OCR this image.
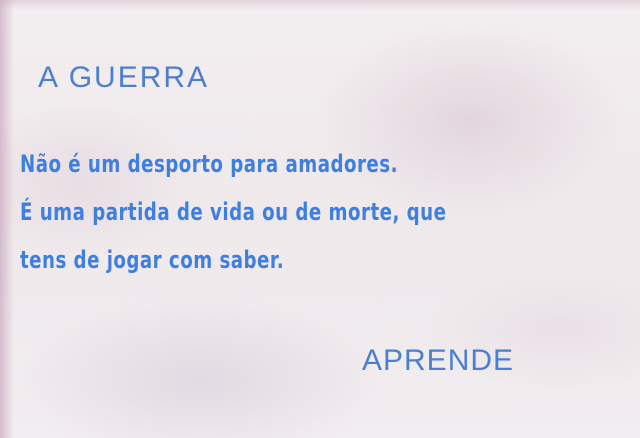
A GUERRA
Não é um desporto para amadores.
É uma partida de vida ou de morte, que
tens de jogar com saber.
APRENDE
